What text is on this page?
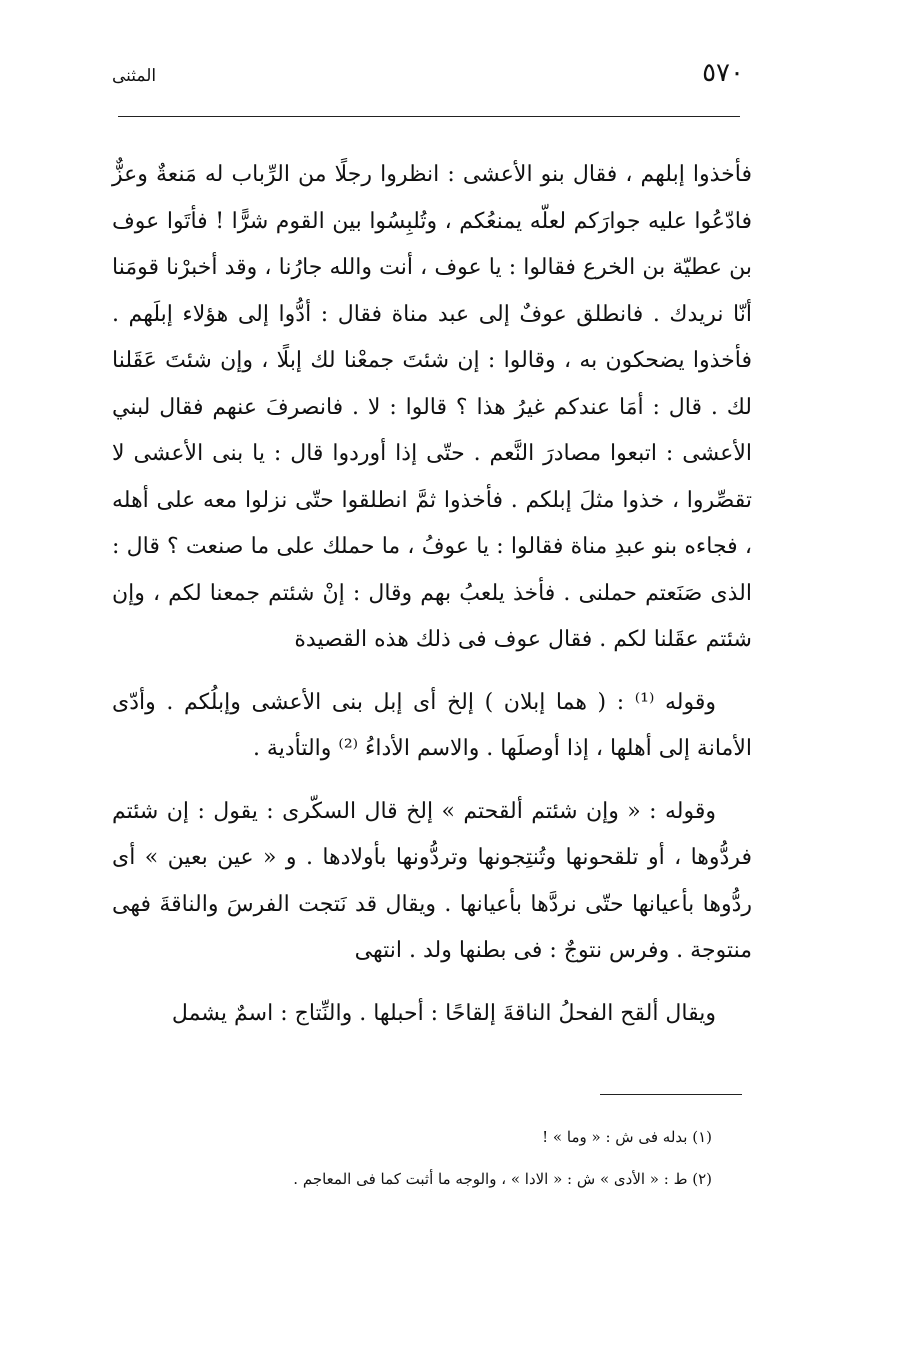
٥٧٠
المثنى

فأخذوا إبلهم ، فقال بنو الأعشى : انظروا رجلًا من الرِّباب له مَنعةٌ وعزٌّ فادّعُوا عليه جوارَكم لعلّه يمنعُكم ، وتُلبِسُوا بين القوم شرًّا ! فأتَوا عوف بن عطيّة بن الخرع فقالوا : يا عوف ، أنت والله جارُنا ، وقد أخبرْنا قومَنا أنّا نريدك . فانطلق عوفٌ إلى عبد مناة فقال : أدُّوا إلى هؤلاء إبلَهم . فأخذوا يضحكون به ، وقالوا : إن شئتَ جمعْنا لك إبلًا ، وإن شئتَ عَقَلنا لك . قال : أمَا عندكم غيرُ هذا ؟ قالوا : لا . فانصرفَ عنهم فقال لبني الأعشى : اتبعوا مصادرَ النَّعم . حتّى إذا أوردوا قال : يا بنى الأعشى لا تقصِّروا ، خذوا مثلَ إبلكم . فأخذوا ثمَّ انطلقوا حتّى نزلوا معه على أهله ، فجاءه بنو عبدِ مناة فقالوا : يا عوفُ ، ما حملك على ما صنعت ؟ قال : الذى صَنَعتم حملنى . فأخذ يلعبُ بهم وقال : إنْ شئتم جمعنا لكم ، وإن شئتم عقَلنا لكم . فقال عوف فى ذلك هذه القصيدة

وقوله ⁽¹⁾ : ( هما إبلان ) إلخ أى إبل بنى الأعشى وإبلُكم . وأدّى الأمانة إلى أهلها ، إذا أوصلَها . والاسم الأداءُ ⁽²⁾ والتأدية .

وقوله : « وإن شئتم ألقحتم » إلخ قال السكّرى : يقول : إن شئتم فردُّوها ، أو تلقحونها وتُنتِجونها وتردُّونها بأولادها . و « عين بعين » أى ردُّوها بأعيانها حتّى نردَّها بأعيانها . ويقال قد نَتجت الفرسَ والناقةَ فهى منتوجة . وفرس نتوجٌ : فى بطنها ولد . انتهى

ويقال ألقح الفحلُ الناقةَ إلقاحًا : أحبلها . والنِّتاج : اسمٌ يشمل

(١) بدله فى ش : « وما » !

(٢) ط : « الأدى » ش : « الادا » ، والوجه ما أثبت كما فى المعاجم .
